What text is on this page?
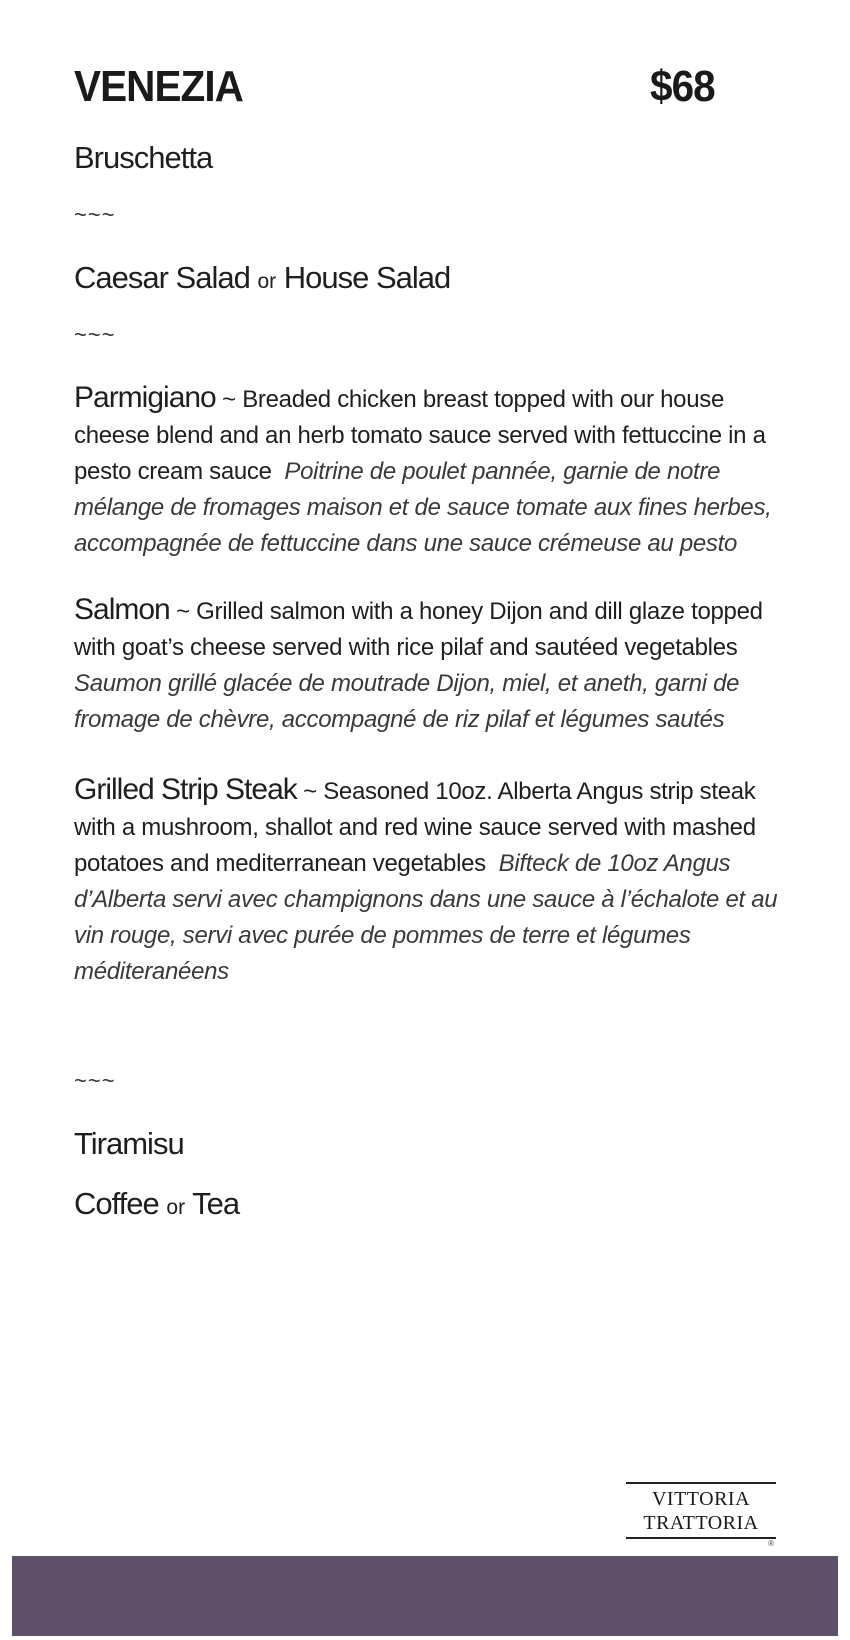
VENEZIA	$68
Bruschetta
~~~
Caesar Salad or House Salad
~~~
Parmigiano ~ Breaded chicken breast topped with our house cheese blend and an herb tomato sauce served with fettuccine in a pesto cream sauce Poitrine de poulet pannée, garnie de notre mélange de fromages maison et de sauce tomate aux fines herbes, accompagnée de fettuccine dans une sauce crémeuse au pesto
Salmon ~ Grilled salmon with a honey Dijon and dill glaze topped with goat’s cheese served with rice pilaf and sautéed vegetables  Saumon grillé glacée de moutrade Dijon, miel, et aneth, garni de fromage de chèvre, accompagné de riz pilaf et légumes sautés
Grilled Strip Steak ~ Seasoned 10oz. Alberta Angus strip steak with a mushroom, shallot and red wine sauce served with mashed potatoes and mediterranean vegetables Bifteck de 10oz Angus d’Alberta servi avec champignons dans une sauce à l’échalote et au vin rouge, servi avec purée de pommes de terre et légumes méditeranéens
~~~
Tiramisu
Coffee or Tea
VITTORIA
TRATTORIA
®
